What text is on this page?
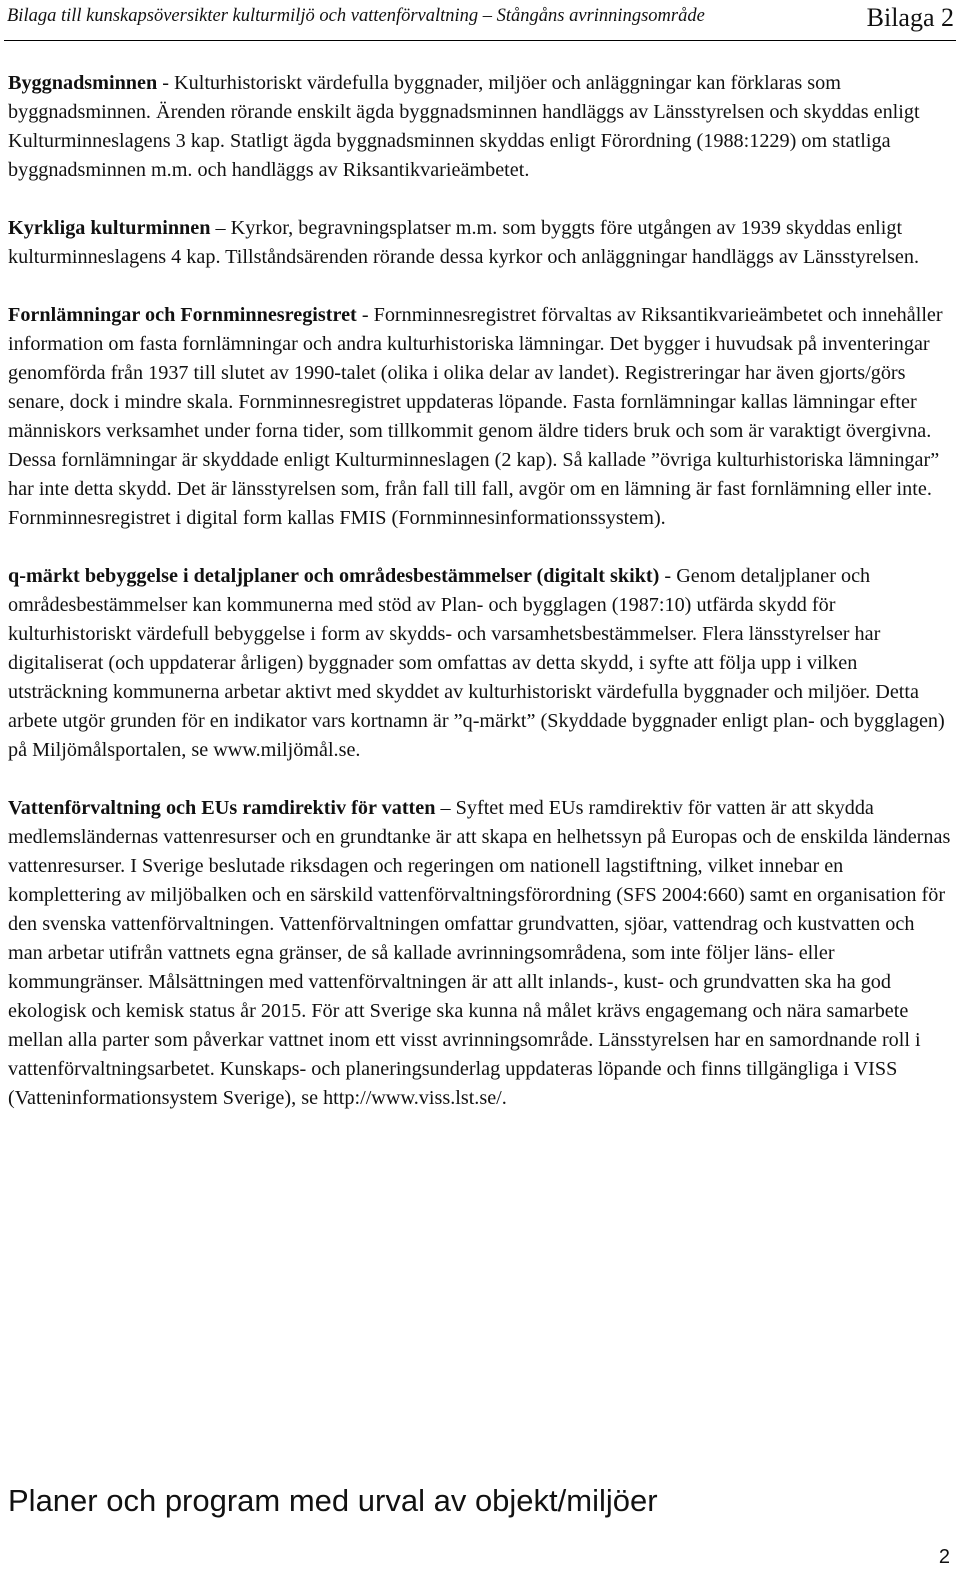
Bilaga till kunskapsöversikter kulturmiljö och vattenförvaltning – Stångåns avrinningsområde	Bilaga 2

Byggnadsminnen - Kulturhistoriskt värdefulla byggnader, miljöer och anläggningar kan förklaras som byggnadsminnen. Ärenden rörande enskilt ägda byggnadsminnen handläggs av Länsstyrelsen och skyddas enligt Kulturminneslagens 3 kap. Statligt ägda byggnadsminnen skyddas enligt Förordning (1988:1229) om statliga byggnadsminnen m.m. och handläggs av Riksantikvarieämbetet.

Kyrkliga kulturminnen – Kyrkor, begravningsplatser m.m. som byggts före utgången av 1939 skyddas enligt kulturminneslagens 4 kap. Tillståndsärenden rörande dessa kyrkor och anläggningar handläggs av Länsstyrelsen.

Fornlämningar och Fornminnesregistret - Fornminnesregistret förvaltas av Riksantikvarieämbetet och innehåller information om fasta fornlämningar och andra kulturhistoriska lämningar. Det bygger i huvudsak på inventeringar genomförda från 1937 till slutet av 1990-talet (olika i olika delar av landet). Registreringar har även gjorts/görs senare, dock i mindre skala. Fornminnesregistret uppdateras löpande. Fasta fornlämningar kallas lämningar efter människors verksamhet under forna tider, som tillkommit genom äldre tiders bruk och som är varaktigt övergivna. Dessa fornlämningar är skyddade enligt Kulturminneslagen (2 kap). Så kallade ”övriga kulturhistoriska lämningar” har inte detta skydd. Det är länsstyrelsen som, från fall till fall, avgör om en lämning är fast fornlämning eller inte. Fornminnesregistret i digital form kallas FMIS (Fornminnesinformationssystem).

q-märkt bebyggelse i detaljplaner och områdesbestämmelser (digitalt skikt) - Genom detaljplaner och områdesbestämmelser kan kommunerna med stöd av Plan- och bygglagen (1987:10) utfärda skydd för kulturhistoriskt värdefull bebyggelse i form av skydds- och varsamhetsbestämmelser. Flera länsstyrelser har digitaliserat (och uppdaterar årligen) byggnader som omfattas av detta skydd, i syfte att följa upp i vilken utsträckning kommunerna arbetar aktivt med skyddet av kulturhistoriskt värdefulla byggnader och miljöer. Detta arbete utgör grunden för en indikator vars kortnamn är ”q-märkt” (Skyddade byggnader enligt plan- och bygglagen) på Miljömålsportalen, se www.miljömål.se.

Vattenförvaltning och EUs ramdirektiv för vatten – Syftet med EUs ramdirektiv för vatten är att skydda medlemsländernas vattenresurser och en grundtanke är att skapa en helhetssyn på Europas och de enskilda ländernas vattenresurser. I Sverige beslutade riksdagen och regeringen om nationell lagstiftning, vilket innebar en komplettering av miljöbalken och en särskild vattenförvaltningsförordning (SFS 2004:660) samt en organisation för den svenska vattenförvaltningen. Vattenförvaltningen omfattar grundvatten, sjöar, vattendrag och kustvatten och man arbetar utifrån vattnets egna gränser, de så kallade avrinningsområdena, som inte följer läns- eller kommungränser. Målsättningen med vattenförvaltningen är att allt inlands-, kust- och grundvatten ska ha god ekologisk och kemisk status år 2015. För att Sverige ska kunna nå målet krävs engagemang och nära samarbete mellan alla parter som påverkar vattnet inom ett visst avrinningsområde. Länsstyrelsen har en samordnande roll i vattenförvaltningsarbetet. Kunskaps- och planeringsunderlag uppdateras löpande och finns tillgängliga i VISS (Vatteninformationsystem Sverige), se http://www.viss.lst.se/.

Planer och program med urval av objekt/miljöer
2
